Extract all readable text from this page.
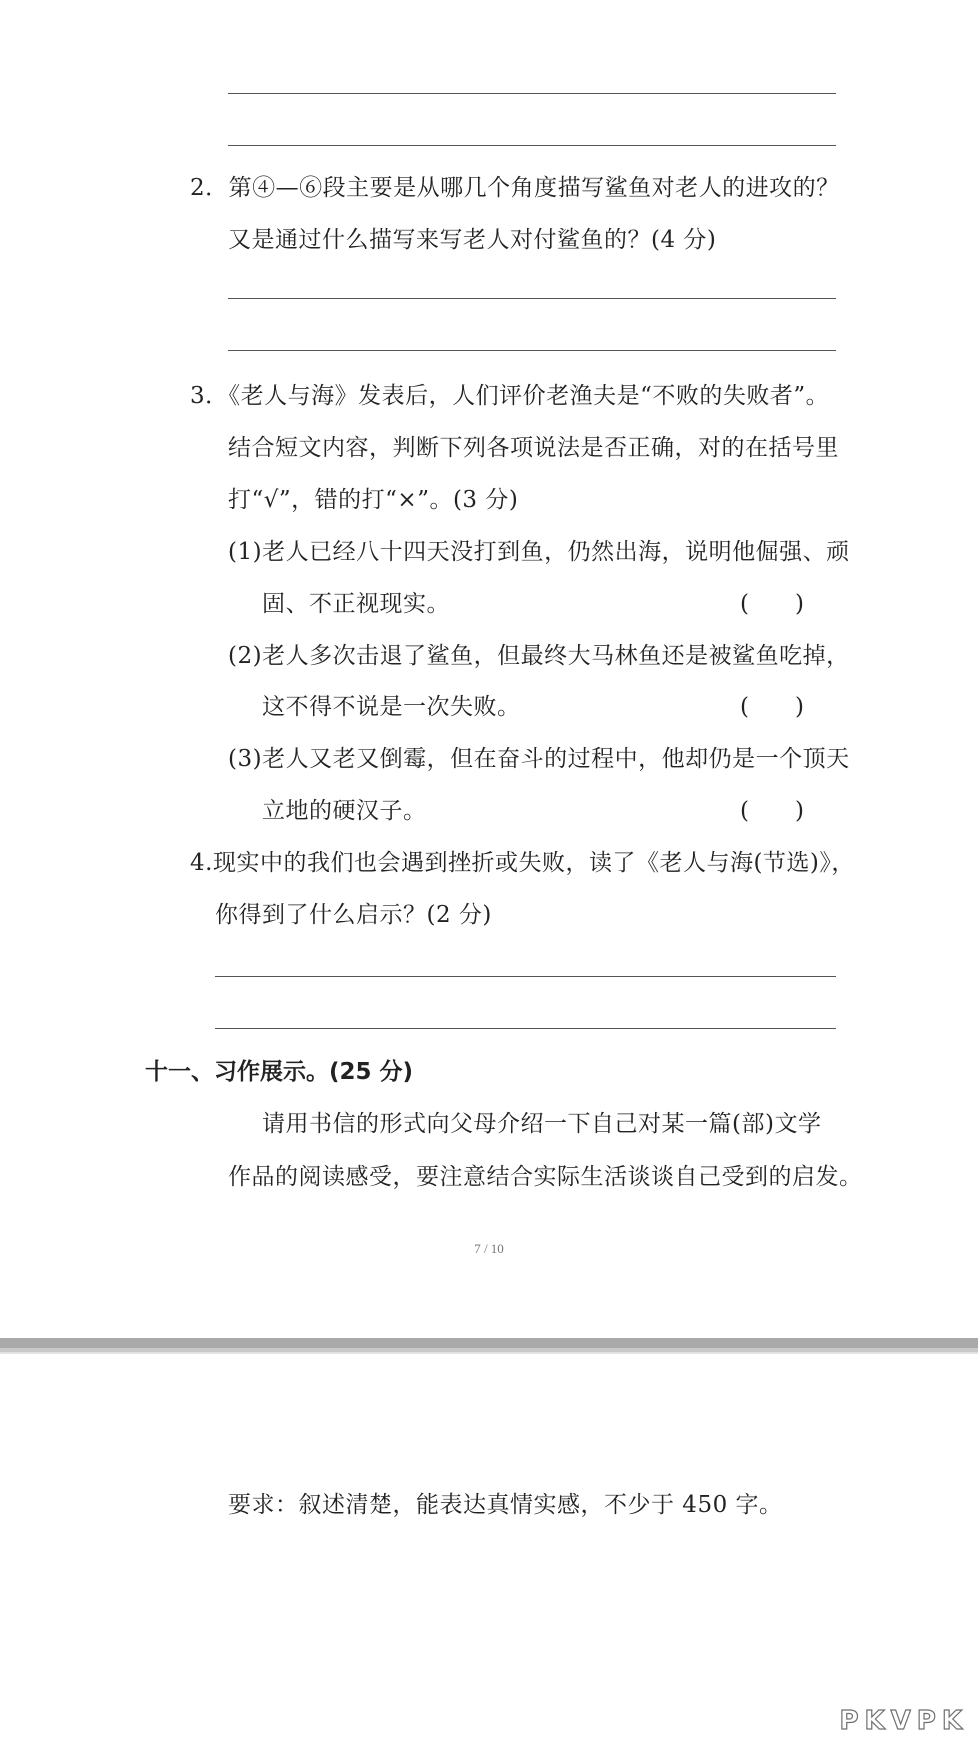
2．第④—⑥段主要是从哪几个角度描写鲨鱼对老人的进攻的？
又是通过什么描写来写老人对付鲨鱼的？(4 分)
3．《老人与海》发表后，人们评价老渔夫是“不败的失败者”。
结合短文内容，判断下列各项说法是否正确，对的在括号里
打“√”，错的打“×”。(3 分)
(1)老人已经八十四天没打到鱼，仍然出海，说明他倔强、顽
固、不正视现实。	(　　)
(2)老人多次击退了鲨鱼，但最终大马林鱼还是被鲨鱼吃掉，
这不得不说是一次失败。	(　　)
(3)老人又老又倒霉，但在奋斗的过程中，他却仍是一个顶天
立地的硬汉子。	(　　)
4.现实中的我们也会遇到挫折或失败，读了《老人与海(节选)》，
你得到了什么启示？(2 分)
十一、习作展示。(25 分)
请用书信的形式向父母介绍一下自己对某一篇(部)文学
作品的阅读感受，要注意结合实际生活谈谈自己受到的启发。
7 / 10
要求：叙述清楚，能表达真情实感，不少于 450 字。
PKVPK
